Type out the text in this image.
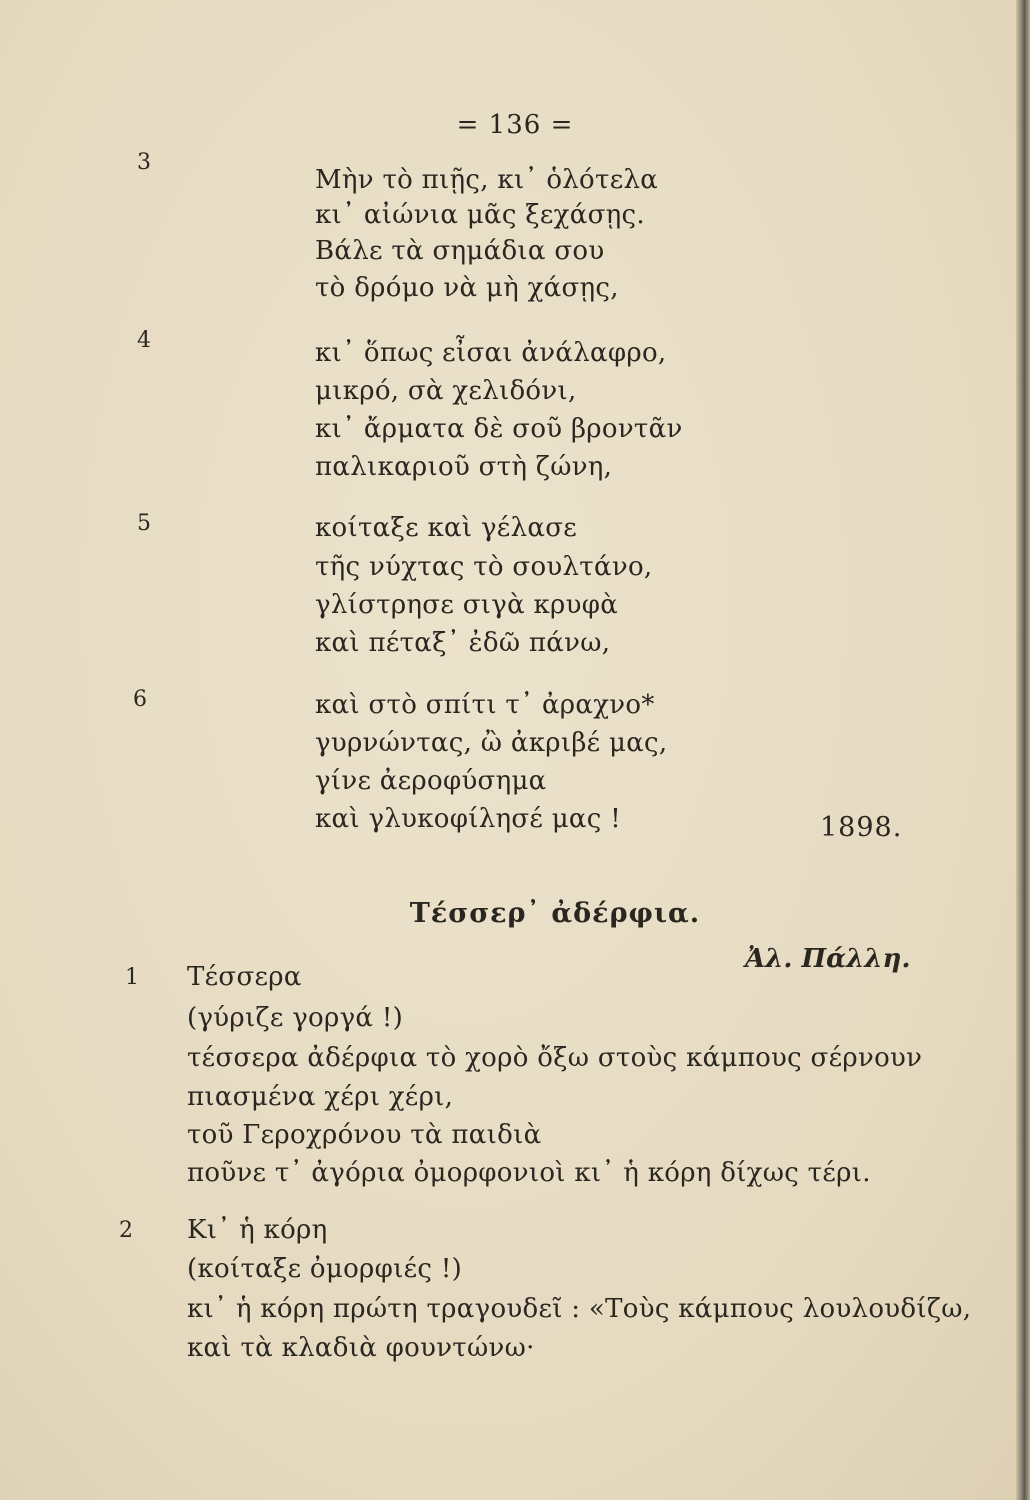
= 136 =
3
Μὴν τὸ πιῇς, κι᾽ ὁλότελα
κι᾽ αἰώνια μᾶς ξεχάσῃς.
Βάλε τὰ σημάδια σου
τὸ δρόμο νὰ μὴ χάσῃς,
4	κι᾽ ὅπως εἶσαι ἀνάλαφρο,
μικρό, σὰ χελιδόνι,
κι᾽ ἄρματα δὲ σοῦ βροντᾶν
παλικαριοῦ στὴ ζώνη,
5	κοίταξε καὶ γέλασε
τῆς νύχτας τὸ σουλτάνο,
γλίστρησε σιγὰ κρυφὰ
καὶ πέταξ᾽ ἐδῶ πάνω,
6	καὶ στὸ σπίτι τ᾽ ἀραχνο*
γυρνώντας, ὢ ἀκριβέ μας,
γίνε ἀεροφύσημα
καὶ γλυκοφίλησέ μας !	1898.
Τέσσερ᾽ ἀδέρφια.
Ἀλ. Πάλλη.
1 Τέσσερα
(γύριζε γοργά !)
τέσσερα ἀδέρφια τὸ χορὸ ὄξω στοὺς κάμπους σέρνουν
πιασμένα χέρι χέρι,
τοῦ Γεροχρόνου τὰ παιδιὰ
ποῦνε τ᾽ ἀγόρια ὀμορφονιοὶ κι᾽ ἡ κόρη δίχως τέρι.
2 Κι᾽ ἡ κόρη
(κοίταξε ὀμορφιές !)
κι᾽ ἡ κόρη πρώτη τραγουδεῖ : «Τοὺς κάμπους λουλουδίζω,
καὶ τὰ κλαδιὰ φουντώνω·
